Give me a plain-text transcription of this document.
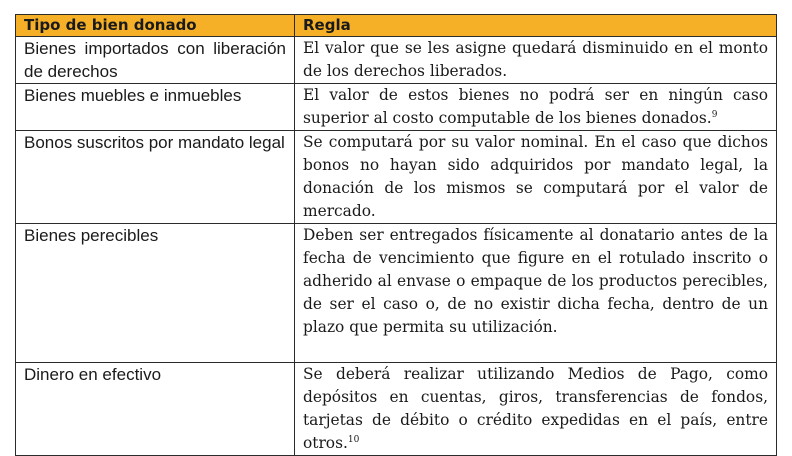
Tipo de bien donado	Regla
Bienes importados con liberación de derechos	El valor que se les asigne quedará disminuido en el monto de los derechos liberados.
Bienes muebles e inmuebles	El valor de estos bienes no podrá ser en ningún caso superior al costo computable de los bienes donados.$^9$
Bonos suscritos por mandato legal	Se computará por su valor nominal. En el caso que dichos bonos no hayan sido adquiridos por mandato legal, la donación de los mismos se computará por el valor de mercado.
Bienes perecibles	Deben ser entregados físicamente al donatario antes de la fecha de vencimiento que figure en el rotulado inscrito o adherido al envase o empaque de los productos perecibles, de ser el caso o, de no existir dicha fecha, dentro de un plazo que permita su utilización.
Dinero en efectivo	Se deberá realizar utilizando Medios de Pago, como depósitos en cuentas, giros, transferencias de fondos, tarjetas de débito o crédito expedidas en el país, entre otros.$^{10}$
